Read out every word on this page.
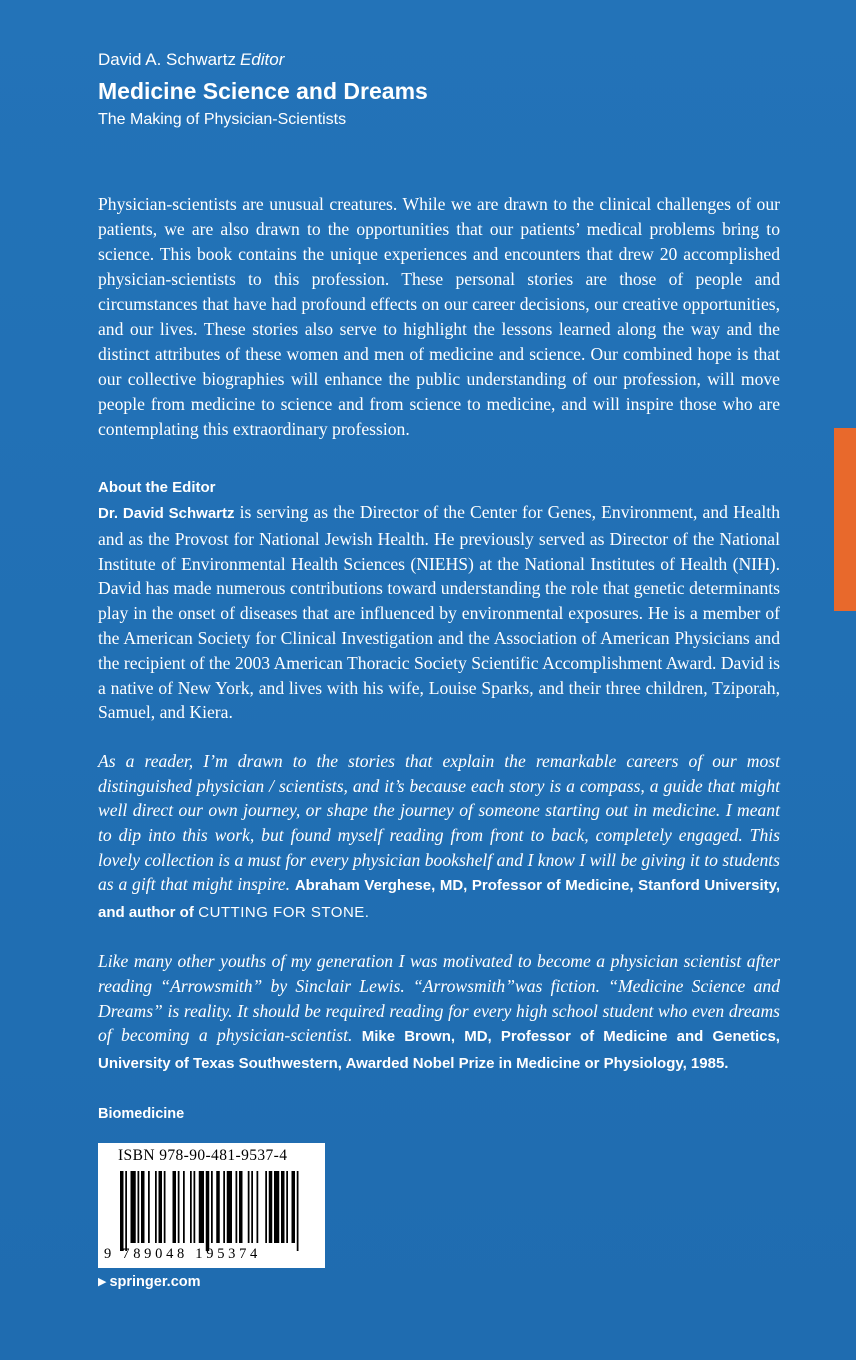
David A. Schwartz Editor

Medicine Science and Dreams

The Making of Physician-Scientists

Physician-scientists are unusual creatures. While we are drawn to the clinical challenges of our patients, we are also drawn to the opportunities that our patients’ medical problems bring to science. This book contains the unique experiences and encounters that drew 20 accomplished physician-scientists to this profession. These personal stories are those of people and circumstances that have had profound effects on our career decisions, our creative opportunities, and our lives. These stories also serve to highlight the lessons learned along the way and the distinct attributes of these women and men of medicine and science. Our combined hope is that our collective biographies will enhance the public understanding of our profession, will move people from medicine to science and from science to medicine, and will inspire those who are contemplating this extraordinary profession.

About the Editor

Dr. David Schwartz is serving as the Director of the Center for Genes, Environment, and Health and as the Provost for National Jewish Health. He previously served as Director of the National Institute of Environmental Health Sciences (NIEHS) at the National Institutes of Health (NIH). David has made numerous contributions toward understanding the role that genetic determinants play in the onset of diseases that are influenced by environmental exposures. He is a member of the American Society for Clinical Investigation and the Association of American Physicians and the recipient of the 2003 American Thoracic Society Scientific Accomplishment Award. David is a native of New York, and lives with his wife, Louise Sparks, and their three children, Tziporah, Samuel, and Kiera.

As a reader, I’m drawn to the stories that explain the remarkable careers of our most distinguished physician / scientists, and it’s because each story is a compass, a guide that might well direct our own journey, or shape the journey of someone starting out in medicine. I meant to dip into this work, but found myself reading from front to back, completely engaged. This lovely collection is a must for every physician bookshelf and I know I will be giving it to students as a gift that might inspire. Abraham Verghese, MD, Professor of Medicine, Stanford University, and author of CUTTING FOR STONE.

Like many other youths of my generation I was motivated to become a physician scientist after reading “Arrowsmith” by Sinclair Lewis. “Arrowsmith”was fiction. “Medicine Science and Dreams” is reality. It should be required reading for every high school student who even dreams of becoming a physician-scientist. Mike Brown, MD, Professor of Medicine and Genetics, University of Texas Southwestern, Awarded Nobel Prize in Medicine or Physiology, 1985.

Biomedicine

ISBN 978-90-481-9537-4
9 789048 195374
▶ springer.com
